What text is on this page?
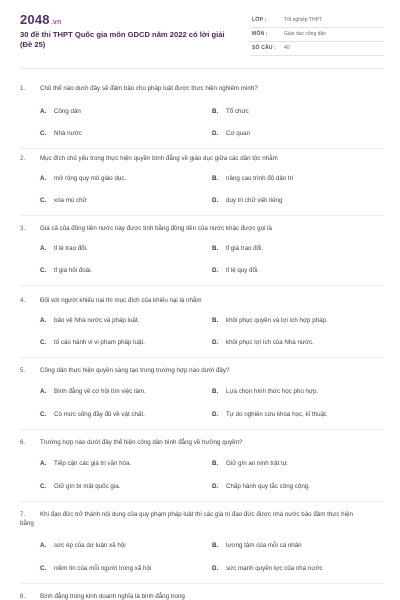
2048.vn
30 đề thi THPT Quốc gia môn GDCD năm 2022 có lời giải (Đề 25)
LỚP :	Tốt nghiệp THPT
MÔN :	Giáo dục công dân
SỐ CÂU : 40
1. Chủ thể nào dưới đây sẽ đảm bảo cho pháp luật được thực hiện nghiêm minh?
A. Công dân	B. Tổ chức
C. Nhà nước	D. Cơ quan
2. Mục đích chủ yếu trong thực hiện quyền bình đẳng về giáo dục giữa các dân tộc nhằm
A. mở rộng quy mô giáo dục.	B. nâng cao trình độ dân trí
C. xóa mù chữ	D. duy trì chữ viết riêng
3. Giá cả của đồng tiền nước này được tính bằng đồng tiền của nước khác được gọi là
A. tỉ lệ trao đổi.	B. tỉ giá trao đổi.
C. tỉ giá hối đoái.	D. tỉ lệ quy đổi.
4. Đối với người khiếu nại thì mục đích của khiếu nại là nhằm
A. bảo vệ Nhà nước và pháp luật.	B. khôi phục quyền và lợi ích hợp pháp.
C. tố cáo hành vi vi phạm pháp luật.	D. khôi phục lợi ích của Nhà nước.
5. Công dân thực hiện quyền sáng tạo trong trường hợp nào dưới đây?
A. Bình đẳng về cơ hội tìm việc làm.	B. Lựa chọn hình thức học phù hợp.
C. Có mức sống đầy đủ về vật chất.	D. Tự do nghiên cứu khoa học, kĩ thuật.
6. Trường hợp nào dưới đây thể hiện công dân bình đẳng về hưởng quyền?
A. Tiếp cận các giá trị văn hóa.	B. Giữ gìn an ninh trật tự.
C. Giữ gìn bí mật quốc gia.	D. Chấp hành quy tắc công cộng.
7. Khi đạo đức trở thành nội dung của quy phạm pháp luật thì các giá trị đạo đức được nhà nước bảo đảm thực hiện bằng
A. sức ép của dư luận xã hội	B. lương tâm của mỗi cá nhân
C. niềm tin của mỗi người trong xã hội	D. sức mạnh quyền lực của nhà nước
8. Bình đẳng trong kinh doanh nghĩa là bình đẳng trong
